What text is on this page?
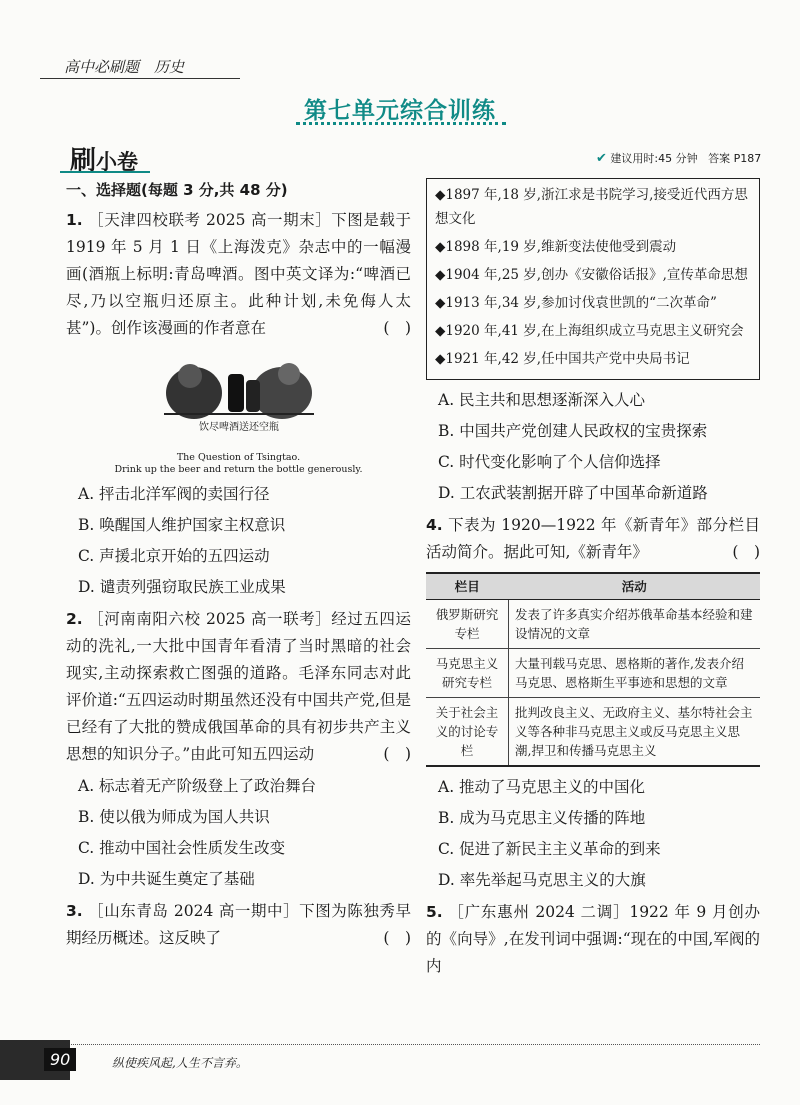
高中必刷题　历史
第七单元综合训练
刷小卷	✔ 建议用时:45 分钟 答案 P187
一、选择题(每题 3 分,共 48 分)
1. ［天津四校联考 2025 高一期末］下图是载于 1919 年 5 月 1 日《上海泼克》杂志中的一幅漫画(酒瓶上标明:青岛啤酒。图中英文译为:“啤酒已尽,乃以空瓶归还原主。此种计划,未免侮人太甚”)。创作该漫画的作者意在	(　)
饮尽啤酒送还空瓶
The Question of Tsingtao.
Drink up the beer and return the bottle generously.
A. 抨击北洋军阀的卖国行径
B. 唤醒国人维护国家主权意识
C. 声援北京开始的五四运动
D. 谴责列强窃取民族工业成果
2. ［河南南阳六校 2025 高一联考］经过五四运动的洗礼,一大批中国青年看清了当时黑暗的社会现实,主动探索救亡图强的道路。毛泽东同志对此评价道:“五四运动时期虽然还没有中国共产党,但是已经有了大批的赞成俄国革命的具有初步共产主义思想的知识分子。”由此可知五四运动	(　)
A. 标志着无产阶级登上了政治舞台
B. 使以俄为师成为国人共识
C. 推动中国社会性质发生改变
D. 为中共诞生奠定了基础
3. ［山东青岛 2024 高一期中］下图为陈独秀早期经历概述。这反映了	(　)
◆1897 年,18 岁,浙江求是书院学习,接受近代西方思想文化
◆1898 年,19 岁,维新变法使他受到震动
◆1904 年,25 岁,创办《安徽俗话报》,宣传革命思想
◆1913 年,34 岁,参加讨伐袁世凯的“二次革命”
◆1920 年,41 岁,在上海组织成立马克思主义研究会
◆1921 年,42 岁,任中国共产党中央局书记
A. 民主共和思想逐渐深入人心
B. 中国共产党创建人民政权的宝贵探索
C. 时代变化影响了个人信仰选择
D. 工农武装割据开辟了中国革命新道路
4. 下表为 1920—1922 年《新青年》部分栏目活动简介。据此可知,《新青年》	(　)
栏目	活动
俄罗斯研究专栏	发表了许多真实介绍苏俄革命基本经验和建设情况的文章
马克思主义研究专栏	大量刊载马克思、恩格斯的著作,发表介绍马克思、恩格斯生平事迹和思想的文章
关于社会主义的讨论专栏	批判改良主义、无政府主义、基尔特社会主义等各种非马克思主义或反马克思主义思潮,捍卫和传播马克思主义
A. 推动了马克思主义的中国化
B. 成为马克思主义传播的阵地
C. 促进了新民主主义革命的到来
D. 率先举起马克思主义的大旗
5. ［广东惠州 2024 二调］1922 年 9 月创办的《向导》,在发刊词中强调:“现在的中国,军阀的内
90	纵使疾风起,人生不言弃。
